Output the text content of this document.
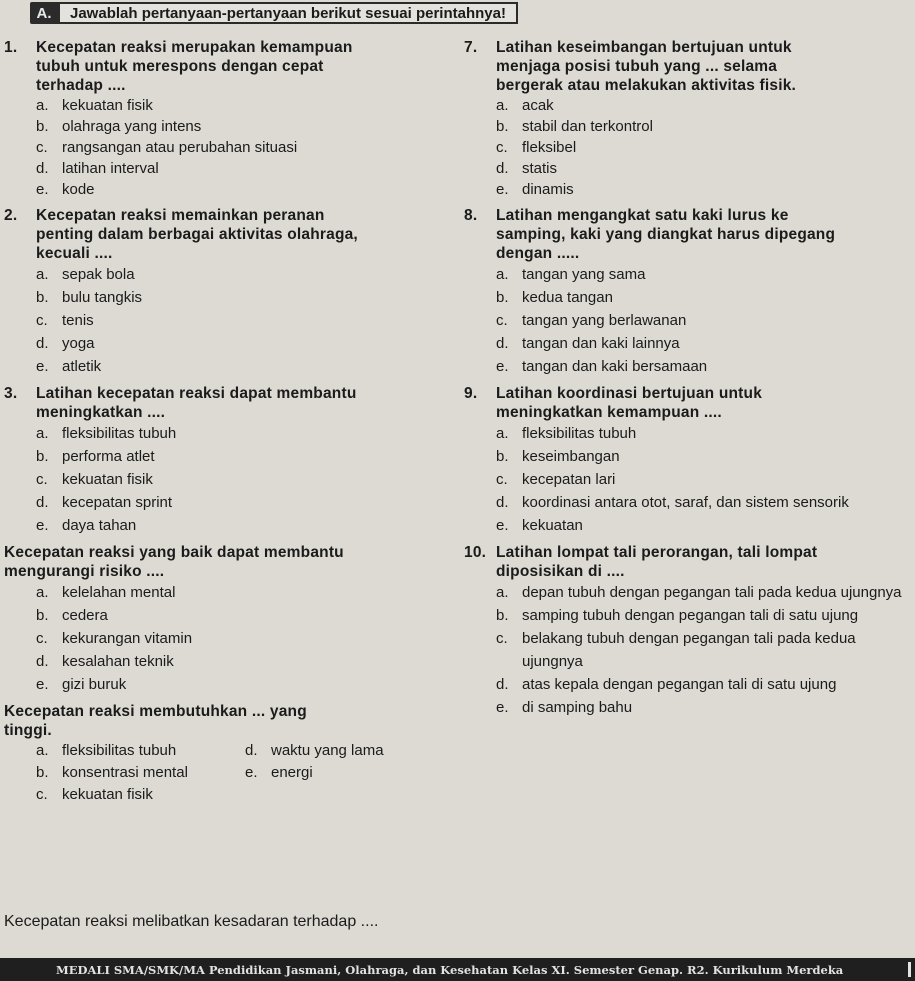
A.	Jawablah pertanyaan-pertanyaan berikut sesuai perintahnya!
1.	Kecepatan reaksi merupakan kemampuan
tubuh untuk merespons dengan cepat
terhadap ....
a. kekuatan fisik
b. olahraga yang intens
c. rangsangan atau perubahan situasi
d. latihan interval
e. kode
2.	Kecepatan reaksi memainkan peranan
penting dalam berbagai aktivitas olahraga,
kecuali ....
a. sepak bola
b. bulu tangkis
c. tenis
d. yoga
e. atletik
3.	Latihan kecepatan reaksi dapat membantu
meningkatkan ....
a. fleksibilitas tubuh
b. performa atlet
c. kekuatan fisik
d. kecepatan sprint
e. daya tahan
Kecepatan reaksi yang baik dapat membantu
mengurangi risiko ....
a. kelelahan mental
b. cedera
c. kekurangan vitamin
d. kesalahan teknik
e. gizi buruk
Kecepatan reaksi membutuhkan ... yang
tinggi.
a. fleksibilitas tubuh	d. waktu yang lama
b. konsentrasi mental	e. energi
c. kekuatan fisik
Kecepatan reaksi melibatkan kesadaran terhadap ....
7.	Latihan keseimbangan bertujuan untuk
menjaga posisi tubuh yang ... selama
bergerak atau melakukan aktivitas fisik.
a. acak
b. stabil dan terkontrol
c. fleksibel
d. statis
e. dinamis
8.	Latihan mengangkat satu kaki lurus ke
samping, kaki yang diangkat harus dipegang
dengan .....
a. tangan yang sama
b. kedua tangan
c. tangan yang berlawanan
d. tangan dan kaki lainnya
e. tangan dan kaki bersamaan
9.	Latihan koordinasi bertujuan untuk
meningkatkan kemampuan ....
a. fleksibilitas tubuh
b. keseimbangan
c. kecepatan lari
d. koordinasi antara otot, saraf, dan sistem sensorik
e. kekuatan
10. Latihan lompat tali perorangan, tali lompat
diposisikan di ....
a. depan tubuh dengan pegangan tali pada kedua ujungnya
b. samping tubuh dengan pegangan tali di satu ujung
c. belakang tubuh dengan pegangan tali pada kedua ujungnya
d. atas kepala dengan pegangan tali di satu ujung
e. di samping bahu
MEDALI SMA/SMK/MA Pendidikan Jasmani, Olahraga, dan Kesehatan Kelas XI. Semester Genap. R2. Kurikulum Merdeka
